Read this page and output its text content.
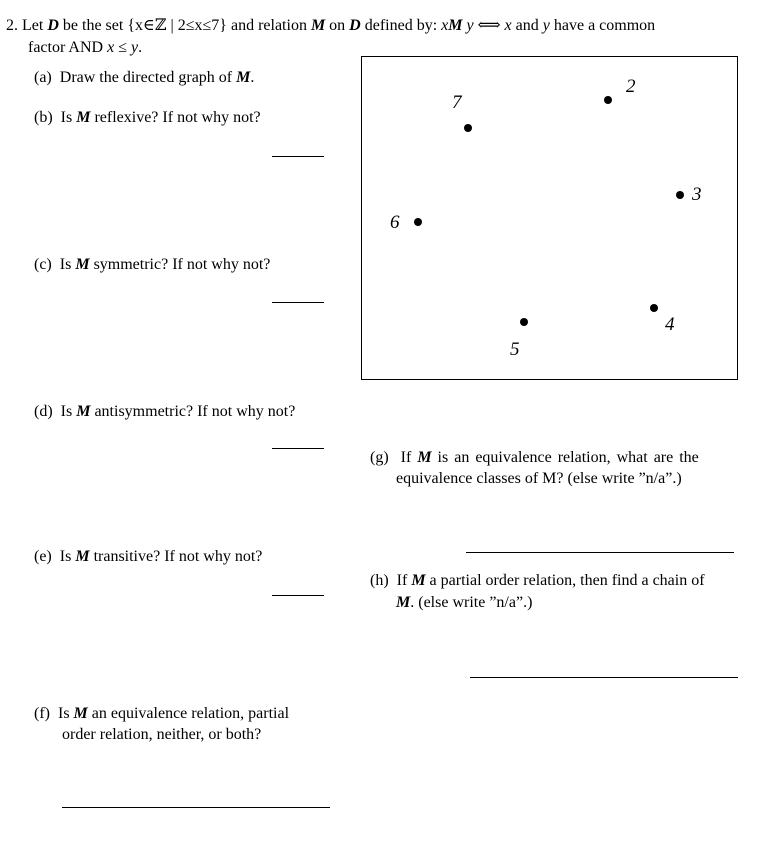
2. Let D be the set {x∈ℤ | 2≤x≤7} and relation M on D defined by: xM y ⟺ x and y have a common
factor AND x ≤ y.
(a) Draw the directed graph of M.
(b) Is M reflexive? If not why not?
(c) Is M symmetric? If not why not?
(d) Is M antisymmetric? If not why not?
(e) Is M transitive? If not why not?
(f) Is M an equivalence relation, partial
order relation, neither, or both?
2
3
4
5
6
7
(g) If M is an equivalence relation, what are the
equivalence classes of M? (else write ”n/a”.)
(h) If M a partial order relation, then find a chain of
M. (else write ”n/a”.)
